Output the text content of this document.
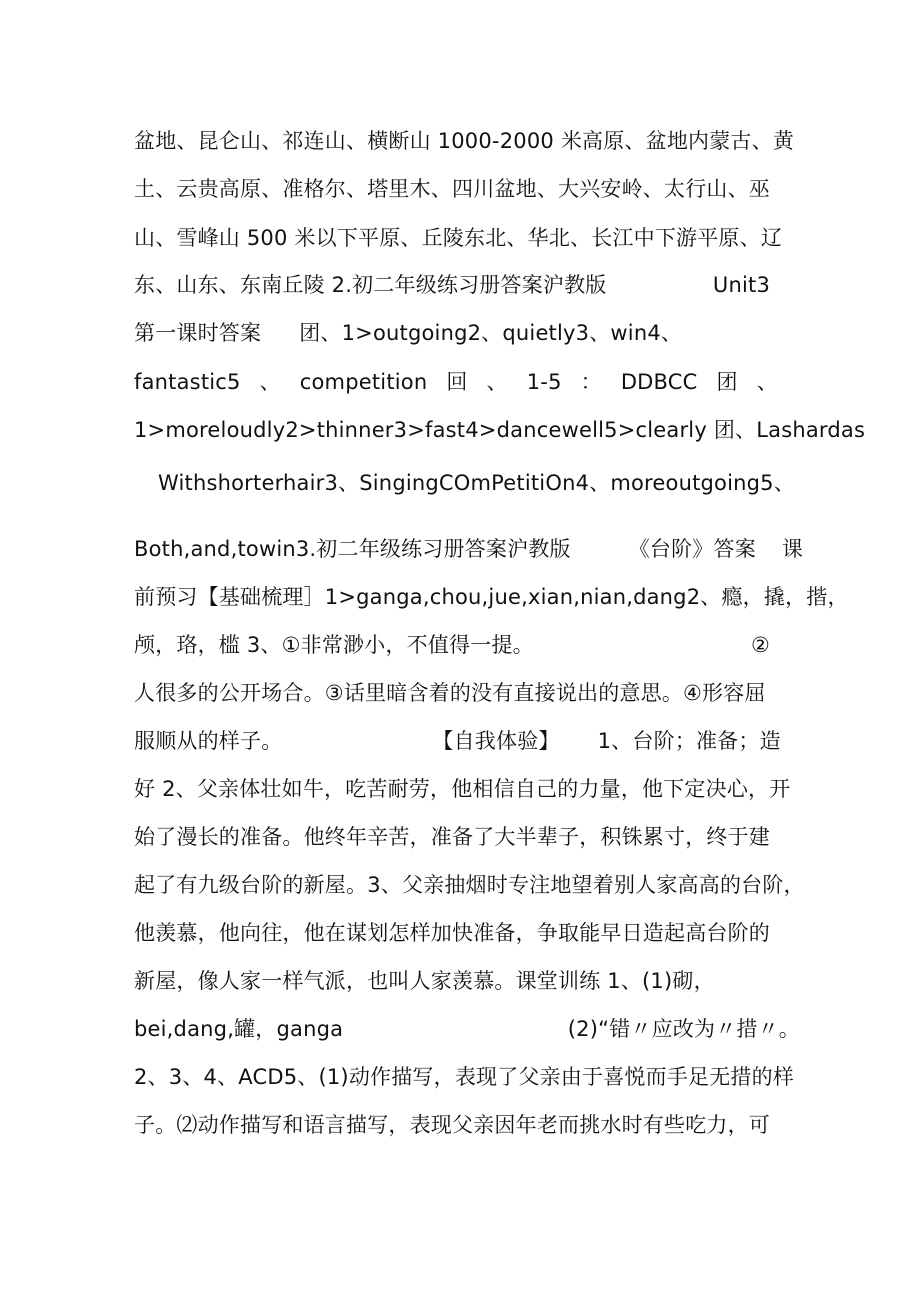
盆地、昆仑山、祁连山、横断山 1000-2000 米高原、盆地内蒙古、黄
土、云贵高原、准格尔、塔里木、四川盆地、大兴安岭、太行山、巫
山、雪峰山 500 米以下平原、丘陵东北、华北、长江中下游平原、辽
东、山东、东南丘陵 2.初二年级练习册答案沪教版	Unit3
第一课时答案 团、1>outgoing2、quietly3、win4、
fantastic5 、 competition 回 、 1-5 ： DDBCC 团 、
1>moreloudly2>thinner3>fast4>dancewell5>clearly 团、Lashardas
Withshorterhair3、SingingCOmPetitiOn4、moreoutgoing5、
Both,and,towin3.初二年级练习册答案沪教版	《台阶》答案 课
前预习【基础梳理］1>ganga,chou,jue,xian,nian,dang2、瘾，撬，揩，
颅，珞，槛 3、①非常渺小，不值得一提。	②
人很多的公开场合。③话里暗含着的没有直接说出的意思。④形容屈
服顺从的样子。	【自我体验】 1、台阶；准备；造
好 2、父亲体壮如牛，吃苦耐劳，他相信自己的力量，他下定决心，开
始了漫长的准备。他终年辛苦，准备了大半辈子，积铢累寸，终于建
起了有九级台阶的新屋。3、父亲抽烟时专注地望着别人家高高的台阶，
他羡慕，他向往，他在谋划怎样加快准备，争取能早日造起高台阶的
新屋，像人家一样气派，也叫人家羡慕。课堂训练 1、(1)砌，
bei,dang,罐，ganga	(2)“错〃应改为〃措〃。
2、3、4、ACD5、(1)动作描写，表现了父亲由于喜悦而手足无措的样
子。⑵动作描写和语言描写，表现父亲因年老而挑水时有些吃力，可
